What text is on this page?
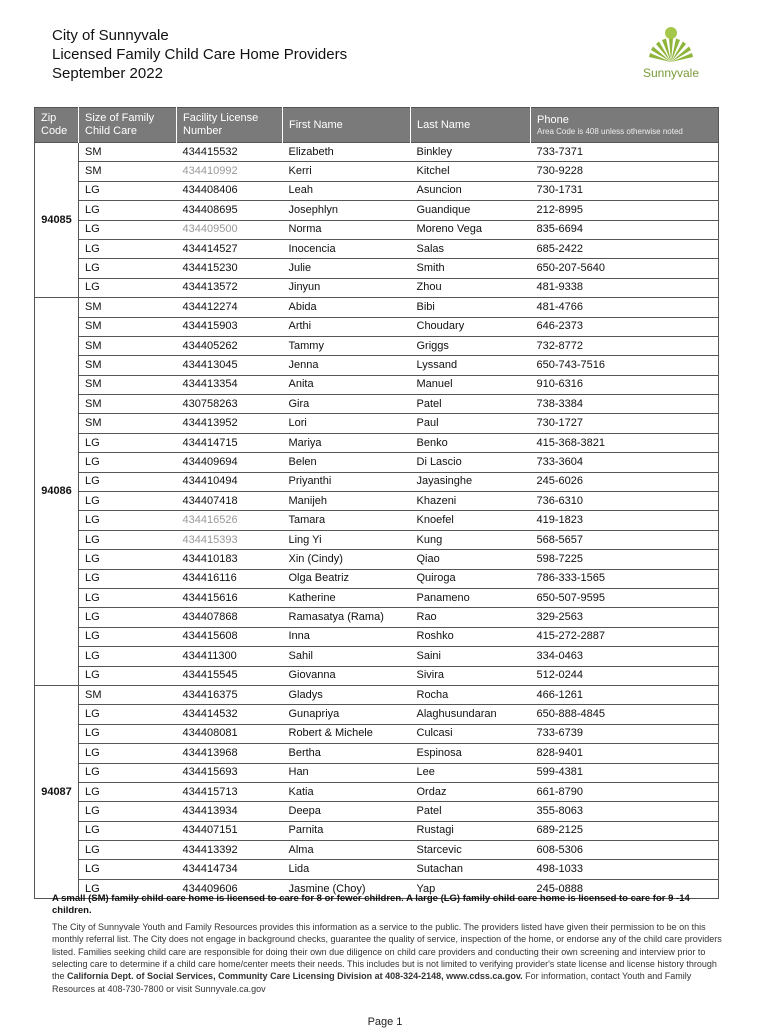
City of Sunnyvale
Licensed Family Child Care Home Providers
September 2022	Sunnyvale
Zip Code	Size of Family Child Care	Facility License Number	First Name	Last Name	Phone
Area Code is 408 unless otherwise noted

94085	SM	434415532	Elizabeth	Binkley	733-7371
	SM	434410992	Kerri	Kitchel	730-9228
	LG	434408406	Leah	Asuncion	730-1731
	LG	434408695	Josephlyn	Guandique	212-8995
	LG	434409500	Norma	Moreno Vega	835-6694
	LG	434414527	Inocencia	Salas	685-2422
	LG	434415230	Julie	Smith	650-207-5640
	LG	434413572	Jinyun	Zhou	481-9338
94086	SM	434412274	Abida	Bibi	481-4766
	SM	434415903	Arthi	Choudary	646-2373
	SM	434405262	Tammy	Griggs	732-8772
	SM	434413045	Jenna	Lyssand	650-743-7516
	SM	434413354	Anita	Manuel	910-6316
	SM	430758263	Gira	Patel	738-3384
	SM	434413952	Lori	Paul	730-1727
	LG	434414715	Mariya	Benko	415-368-3821
	LG	434409694	Belen	Di Lascio	733-3604
	LG	434410494	Priyanthi	Jayasinghe	245-6026
	LG	434407418	Manijeh	Khazeni	736-6310
	LG	434416526	Tamara	Knoefel	419-1823
	LG	434415393	Ling Yi	Kung	568-5657
	LG	434410183	Xin (Cindy)	Qiao	598-7225
	LG	434416116	Olga Beatriz	Quiroga	786-333-1565
	LG	434415616	Katherine	Panameno	650-507-9595
	LG	434407868	Ramasatya (Rama)	Rao	329-2563
	LG	434415608	Inna	Roshko	415-272-2887
	LG	434411300	Sahil	Saini	334-0463
	LG	434415545	Giovanna	Sivira	512-0244
94087	SM	434416375	Gladys	Rocha	466-1261
	LG	434414532	Gunapriya	Alaghusundaran	650-888-4845
	LG	434408081	Robert & Michele	Culcasi	733-6739
	LG	434413968	Bertha	Espinosa	828-9401
	LG	434415693	Han	Lee	599-4381
	LG	434415713	Katia	Ordaz	661-8790
	LG	434413934	Deepa	Patel	355-8063
	LG	434407151	Parnita	Rustagi	689-2125
	LG	434413392	Alma	Starcevic	608-5306
	LG	434414734	Lida	Sutachan	498-1033
	LG	434409606	Jasmine (Choy)	Yap	245-0888
A small (SM) family child care home is licensed to care for 8 or fewer children. A large (LG) family child care home is licensed to care for 9 -14 children.
The City of Sunnyvale Youth and Family Resources provides this information as a service to the public. The providers listed have given their permission to be on this monthly referral list. The City does not engage in background checks, guarantee the quality of service, inspection of the home, or endorse any of the child care providers listed. Families seeking child care are responsible for doing their own due diligence on child care providers and conducting their own screening and interview prior to selecting care to determine if a child care home/center meets their needs. This includes but is not limited to verifying provider's state license and license history through the California Dept. of Social Services, Community Care Licensing Division at 408-324-2148, www.cdss.ca.gov. For information, contact Youth and Family Resources at 408-730-7800 or visit Sunnyvale.ca.gov
Page 1
